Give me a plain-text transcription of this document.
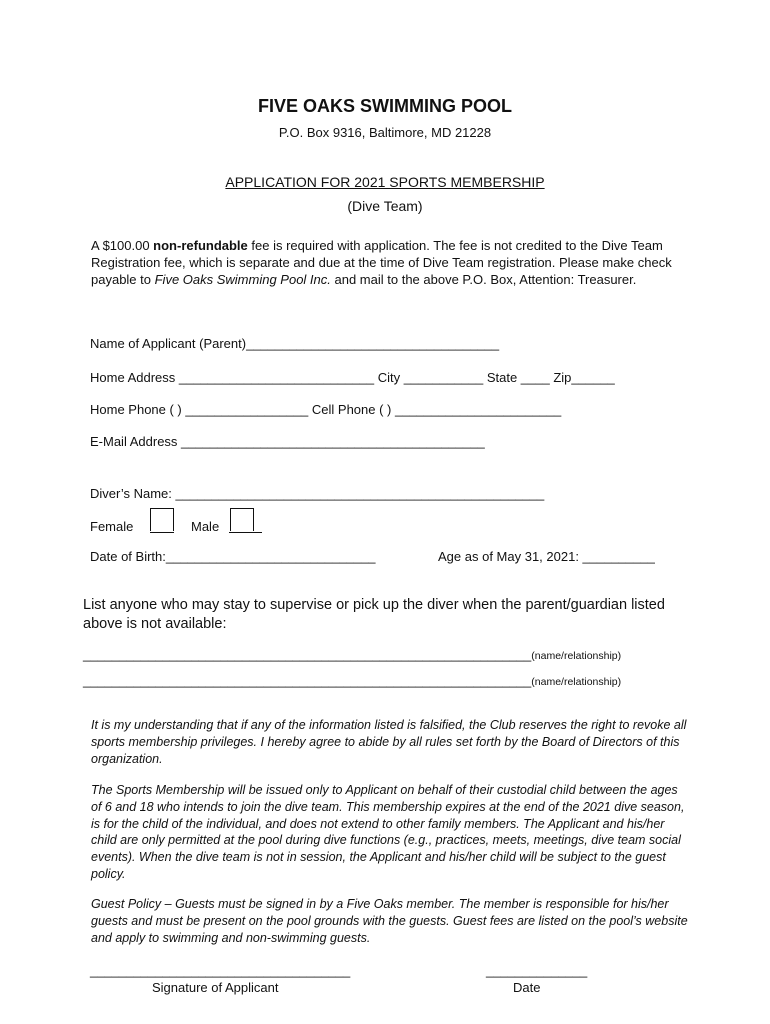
FIVE OAKS SWIMMING POOL
P.O. Box 9316, Baltimore, MD 21228
APPLICATION FOR 2021 SPORTS MEMBERSHIP
(Dive Team)
A $100.00 non-refundable fee is required with application. The fee is not credited to the Dive Team Registration fee, which is separate and due at the time of Dive Team registration. Please make check payable to Five Oaks Swimming Pool Inc. and mail to the above P.O. Box, Attention: Treasurer.
Name of Applicant (Parent)___________________________________
Home Address ___________________________ City ___________ State ____ Zip______
Home Phone ( ) _________________ Cell Phone ( ) _______________________
E-Mail Address __________________________________________
Diver’s Name: ___________________________________________________
Female	Male
Date of Birth:_____________________________	Age as of May 31, 2021: __________
List anyone who may stay to supervise or pick up the diver when the parent/guardian listed above is not available:
______________________________________________________________(name/relationship)
______________________________________________________________(name/relationship)
It is my understanding that if any of the information listed is falsified, the Club reserves the right to revoke all sports membership privileges. I hereby agree to abide by all rules set forth by the Board of Directors of this organization.
The Sports Membership will be issued only to Applicant on behalf of their custodial child between the ages of 6 and 18 who intends to join the dive team. This membership expires at the end of the 2021 dive season, is for the child of the individual, and does not extend to other family members. The Applicant and his/her child are only permitted at the pool during dive functions (e.g., practices, meets, meetings, dive team social events). When the dive team is not in session, the Applicant and his/her child will be subject to the guest policy.
Guest Policy – Guests must be signed in by a Five Oaks member. The member is responsible for his/her guests and must be present on the pool grounds with the guests. Guest fees are listed on the pool’s website and apply to swimming and non-swimming guests.
____________________________________
Signature of Applicant
______________
Date
